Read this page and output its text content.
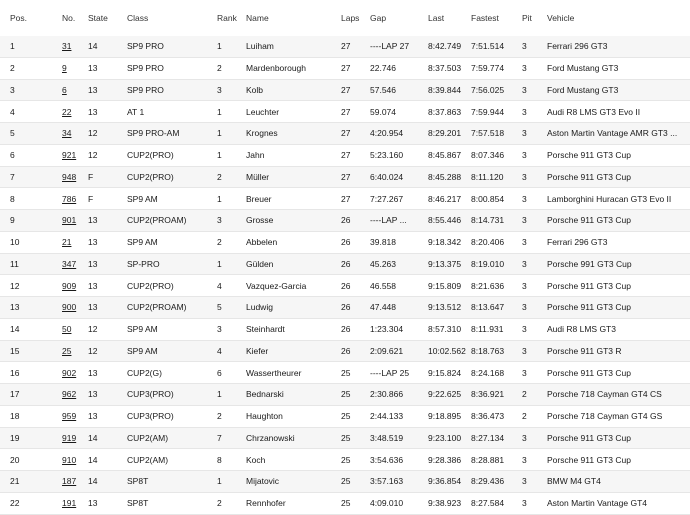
Pos.	No.	State	Class	Rank	Name	Laps	Gap	Last	Fastest	Pit	Vehicle
1	31	14	SP9 PRO	1	Luiham	27	----LAP 27	8:42.749	7:51.514	3	Ferrari 296 GT3
2	9	13	SP9 PRO	2	Mardenborough	27	22.746	8:37.503	7:59.774	3	Ford Mustang GT3
3	6	13	SP9 PRO	3	Kolb	27	57.546	8:39.844	7:56.025	3	Ford Mustang GT3
4	22	13	AT 1	1	Leuchter	27	59.074	8:37.863	7:59.944	3	Audi R8 LMS GT3 Evo II
5	34	12	SP9 PRO-AM	1	Krognes	27	4:20.954	8:29.201	7:57.518	3	Aston Martin Vantage AMR GT3 ...
6	921	12	CUP2(PRO)	1	Jahn	27	5:23.160	8:45.867	8:07.346	3	Porsche 911 GT3 Cup
7	948	F	CUP2(PRO)	2	Müller	27	6:40.024	8:45.288	8:11.120	3	Porsche 911 GT3 Cup
8	786	F	SP9 AM	1	Breuer	27	7:27.267	8:46.217	8:00.854	3	Lamborghini Huracan GT3 Evo II
9	901	13	CUP2(PROAM)	3	Grosse	26	----LAP ...	8:55.446	8:14.731	3	Porsche 911 GT3 Cup
10	21	13	SP9 AM	2	Abbelen	26	39.818	9:18.342	8:20.406	3	Ferrari 296 GT3
11	347	13	SP-PRO	1	Gülden	26	45.263	9:13.375	8:19.010	3	Porsche 991 GT3 Cup
12	909	13	CUP2(PRO)	4	Vazquez-Garcia	26	46.558	9:15.809	8:21.636	3	Porsche 911 GT3 Cup
13	900	13	CUP2(PROAM)	5	Ludwig	26	47.448	9:13.512	8:13.647	3	Porsche 911 GT3 Cup
14	50	12	SP9 AM	3	Steinhardt	26	1:23.304	8:57.310	8:11.931	3	Audi R8 LMS GT3
15	25	12	SP9 AM	4	Kiefer	26	2:09.621	10:02.562	8:18.763	3	Porsche 911 GT3 R
16	902	13	CUP2(G)	6	Wassertheurer	25	----LAP 25	9:15.824	8:24.168	3	Porsche 911 GT3 Cup
17	962	13	CUP3(PRO)	1	Bednarski	25	2:30.866	9:22.625	8:36.921	2	Porsche 718 Cayman GT4 CS
18	959	13	CUP3(PRO)	2	Haughton	25	2:44.133	9:18.895	8:36.473	2	Porsche 718 Cayman GT4 GS
19	919	14	CUP2(AM)	7	Chrzanowski	25	3:48.519	9:23.100	8:27.134	3	Porsche 911 GT3 Cup
20	910	14	CUP2(AM)	8	Koch	25	3:54.636	9:28.386	8:28.881	3	Porsche 911 GT3 Cup
21	187	14	SP8T	1	Mijatovic	25	3:57.163	9:36.854	8:29.436	3	BMW M4 GT4
22	191	13	SP8T	2	Rennhofer	25	4:09.010	9:38.923	8:27.584	3	Aston Martin Vantage GT4
